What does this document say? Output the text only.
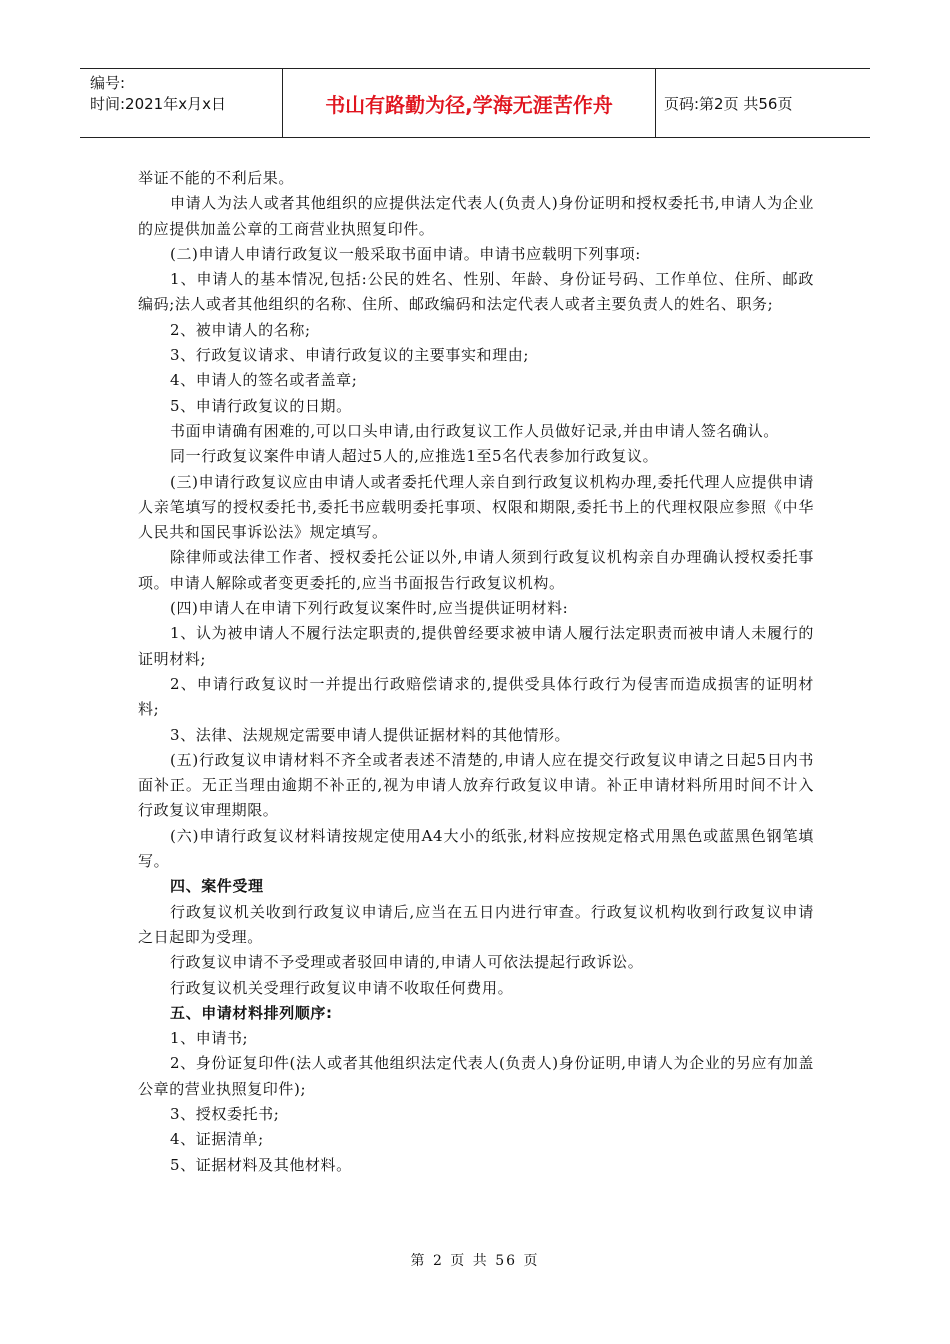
编号:
时间:2021年x月x日	书山有路勤为径,学海无涯苦作舟	页码:第2页 共56页

举证不能的不利后果。

申请人为法人或者其他组织的应提供法定代表人(负责人)身份证明和授权委托书,申请人为企业的应提供加盖公章的工商营业执照复印件。

(二)申请人申请行政复议一般采取书面申请。申请书应载明下列事项:

1、申请人的基本情况,包括:公民的姓名、性别、年龄、身份证号码、工作单位、住所、邮政编码;法人或者其他组织的名称、住所、邮政编码和法定代表人或者主要负责人的姓名、职务;

2、被申请人的名称;

3、行政复议请求、申请行政复议的主要事实和理由;

4、申请人的签名或者盖章;

5、申请行政复议的日期。

书面申请确有困难的,可以口头申请,由行政复议工作人员做好记录,并由申请人签名确认。

同一行政复议案件申请人超过5人的,应推选1至5名代表参加行政复议。

(三)申请行政复议应由申请人或者委托代理人亲自到行政复议机构办理,委托代理人应提供申请人亲笔填写的授权委托书,委托书应载明委托事项、权限和期限,委托书上的代理权限应参照《中华人民共和国民事诉讼法》规定填写。

除律师或法律工作者、授权委托公证以外,申请人须到行政复议机构亲自办理确认授权委托事项。申请人解除或者变更委托的,应当书面报告行政复议机构。

(四)申请人在申请下列行政复议案件时,应当提供证明材料:

1、认为被申请人不履行法定职责的,提供曾经要求被申请人履行法定职责而被申请人未履行的证明材料;

2、申请行政复议时一并提出行政赔偿请求的,提供受具体行政行为侵害而造成损害的证明材料;

3、法律、法规规定需要申请人提供证据材料的其他情形。

(五)行政复议申请材料不齐全或者表述不清楚的,申请人应在提交行政复议申请之日起5日内书面补正。无正当理由逾期不补正的,视为申请人放弃行政复议申请。补正申请材料所用时间不计入行政复议审理期限。

(六)申请行政复议材料请按规定使用A4大小的纸张,材料应按规定格式用黑色或蓝黑色钢笔填写。

四、案件受理

行政复议机关收到行政复议申请后,应当在五日内进行审查。行政复议机构收到行政复议申请之日起即为受理。

行政复议申请不予受理或者驳回申请的,申请人可依法提起行政诉讼。

行政复议机关受理行政复议申请不收取任何费用。

五、申请材料排列顺序:

1、申请书;

2、身份证复印件(法人或者其他组织法定代表人(负责人)身份证明,申请人为企业的另应有加盖公章的营业执照复印件);

3、授权委托书;

4、证据清单;

5、证据材料及其他材料。

第 2 页 共 56 页
